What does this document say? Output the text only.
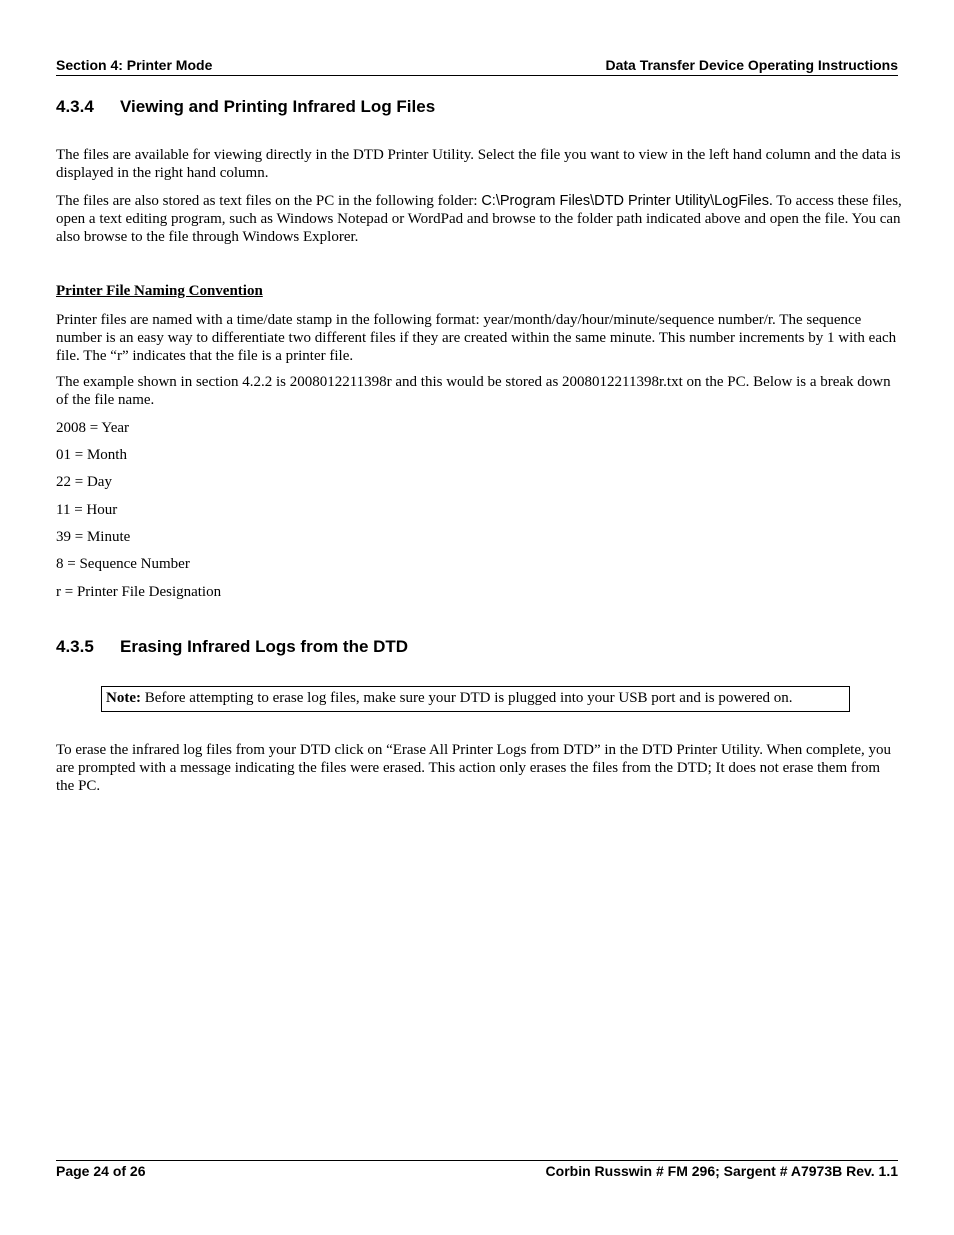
Section 4: Printer Mode	Data Transfer Device Operating Instructions
4.3.4 Viewing and Printing Infrared Log Files

The files are available for viewing directly in the DTD Printer Utility. Select the file you want to view in the left hand column and the data is displayed in the right hand column.

The files are also stored as text files on the PC in the following folder: C:\Program Files\DTD Printer Utility\LogFiles. To access these files, open a text editing program, such as Windows Notepad or WordPad and browse to the folder path indicated above and open the file. You can also browse to the file through Windows Explorer.

Printer File Naming Convention

Printer files are named with a time/date stamp in the following format: year/month/day/hour/minute/sequence number/r. The sequence number is an easy way to differentiate two different files if they are created within the same minute. This number increments by 1 with each file. The “r” indicates that the file is a printer file.

The example shown in section 4.2.2 is 2008012211398r and this would be stored as 2008012211398r.txt on the PC. Below is a break down of the file name.

2008 = Year
01 = Month
22 = Day
11 = Hour
39 = Minute
8 = Sequence Number
r = Printer File Designation
4.3.5 Erasing Infrared Logs from the DTD
Note: Before attempting to erase log files, make sure your DTD is plugged into your USB port and is powered on.

To erase the infrared log files from your DTD click on “Erase All Printer Logs from DTD” in the DTD Printer Utility. When complete, you are prompted with a message indicating the files were erased. This action only erases the files from the DTD; It does not erase them from the PC.

Page 24 of 26	Corbin Russwin # FM 296; Sargent # A7973B Rev. 1.1
